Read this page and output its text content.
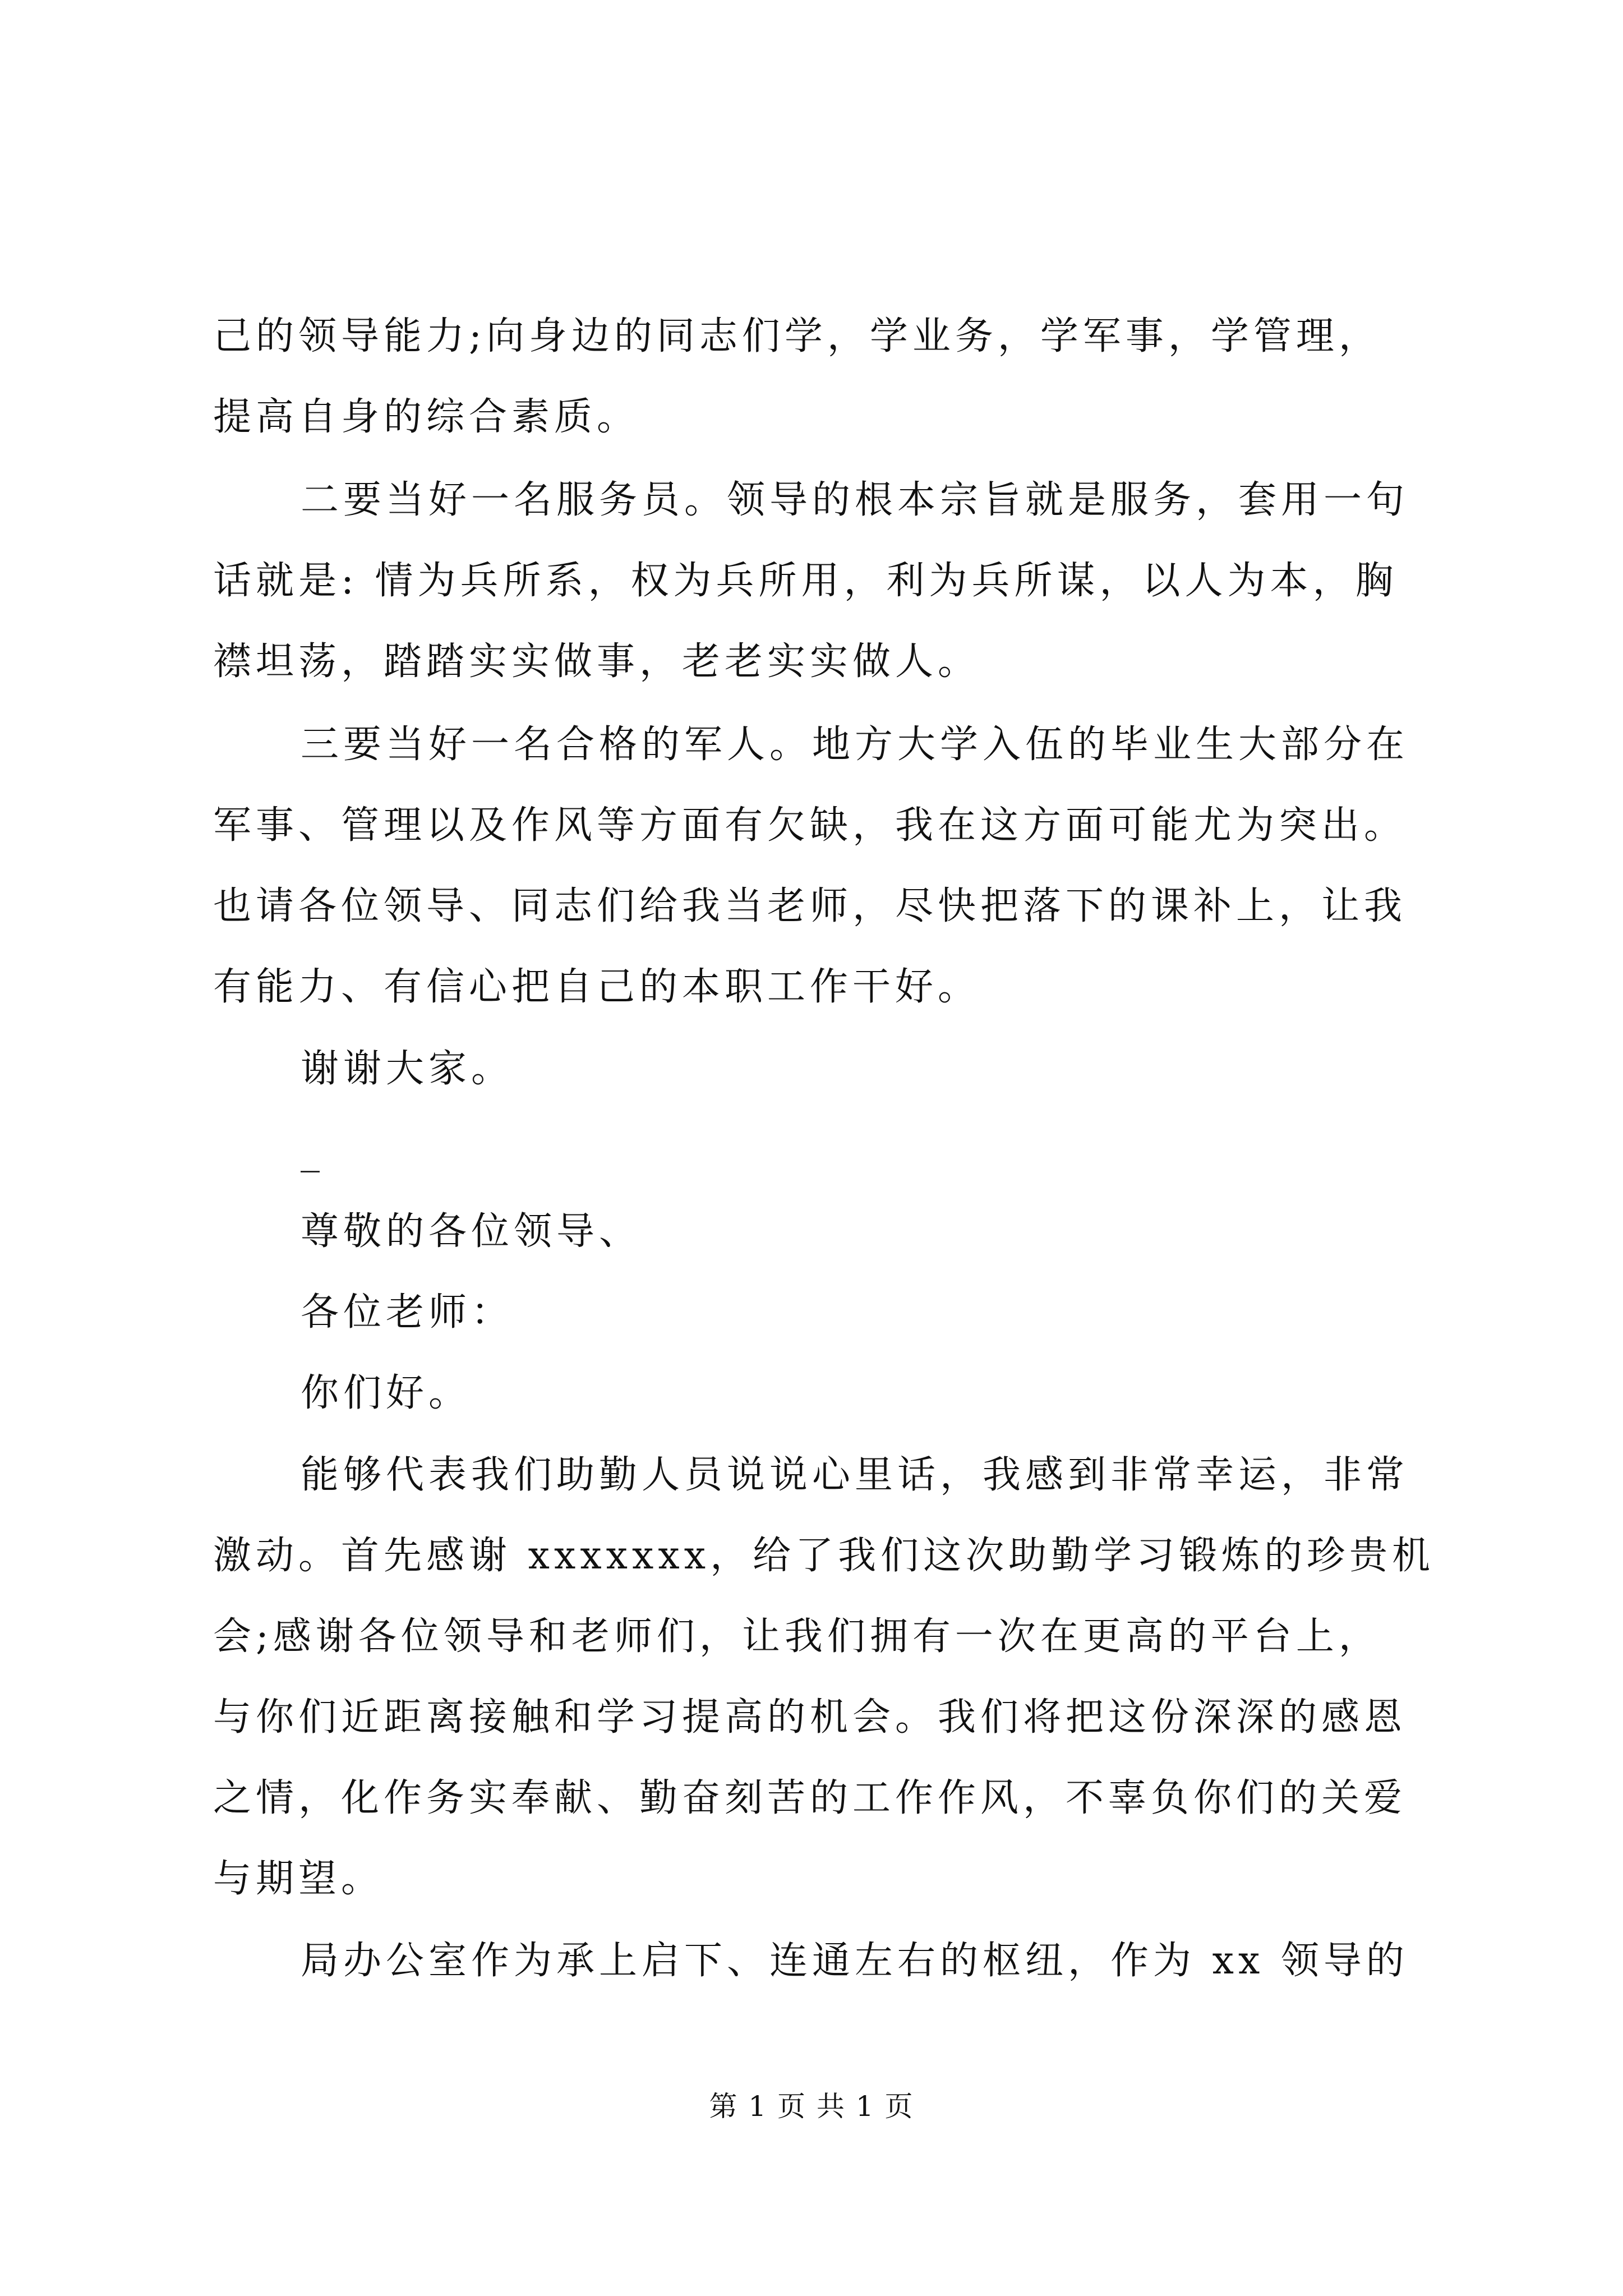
己的领导能力;向身边的同志们学，学业务，学军事，学管理，
提高自身的综合素质。
二要当好一名服务员。领导的根本宗旨就是服务，套用一句
话就是: 情为兵所系，权为兵所用，利为兵所谋，以人为本，胸
襟坦荡，踏踏实实做事，老老实实做人。
三要当好一名合格的军人。地方大学入伍的毕业生大部分在
军事、管理以及作风等方面有欠缺，我在这方面可能尤为突出。
也请各位领导、同志们给我当老师，尽快把落下的课补上，让我
有能力、有信心把自己的本职工作干好。
谢谢大家。
_
尊敬的各位领导、
各位老师：
你们好。
能够代表我们助勤人员说说心里话，我感到非常幸运，非常
激动。首先感谢 xxxxxxx，给了我们这次助勤学习锻炼的珍贵机
会;感谢各位领导和老师们，让我们拥有一次在更高的平台上，
与你们近距离接触和学习提高的机会。我们将把这份深深的感恩
之情，化作务实奉献、勤奋刻苦的工作作风，不辜负你们的关爱
与期望。
局办公室作为承上启下、连通左右的枢纽，作为 xx 领导的
第 1 页 共 1 页
